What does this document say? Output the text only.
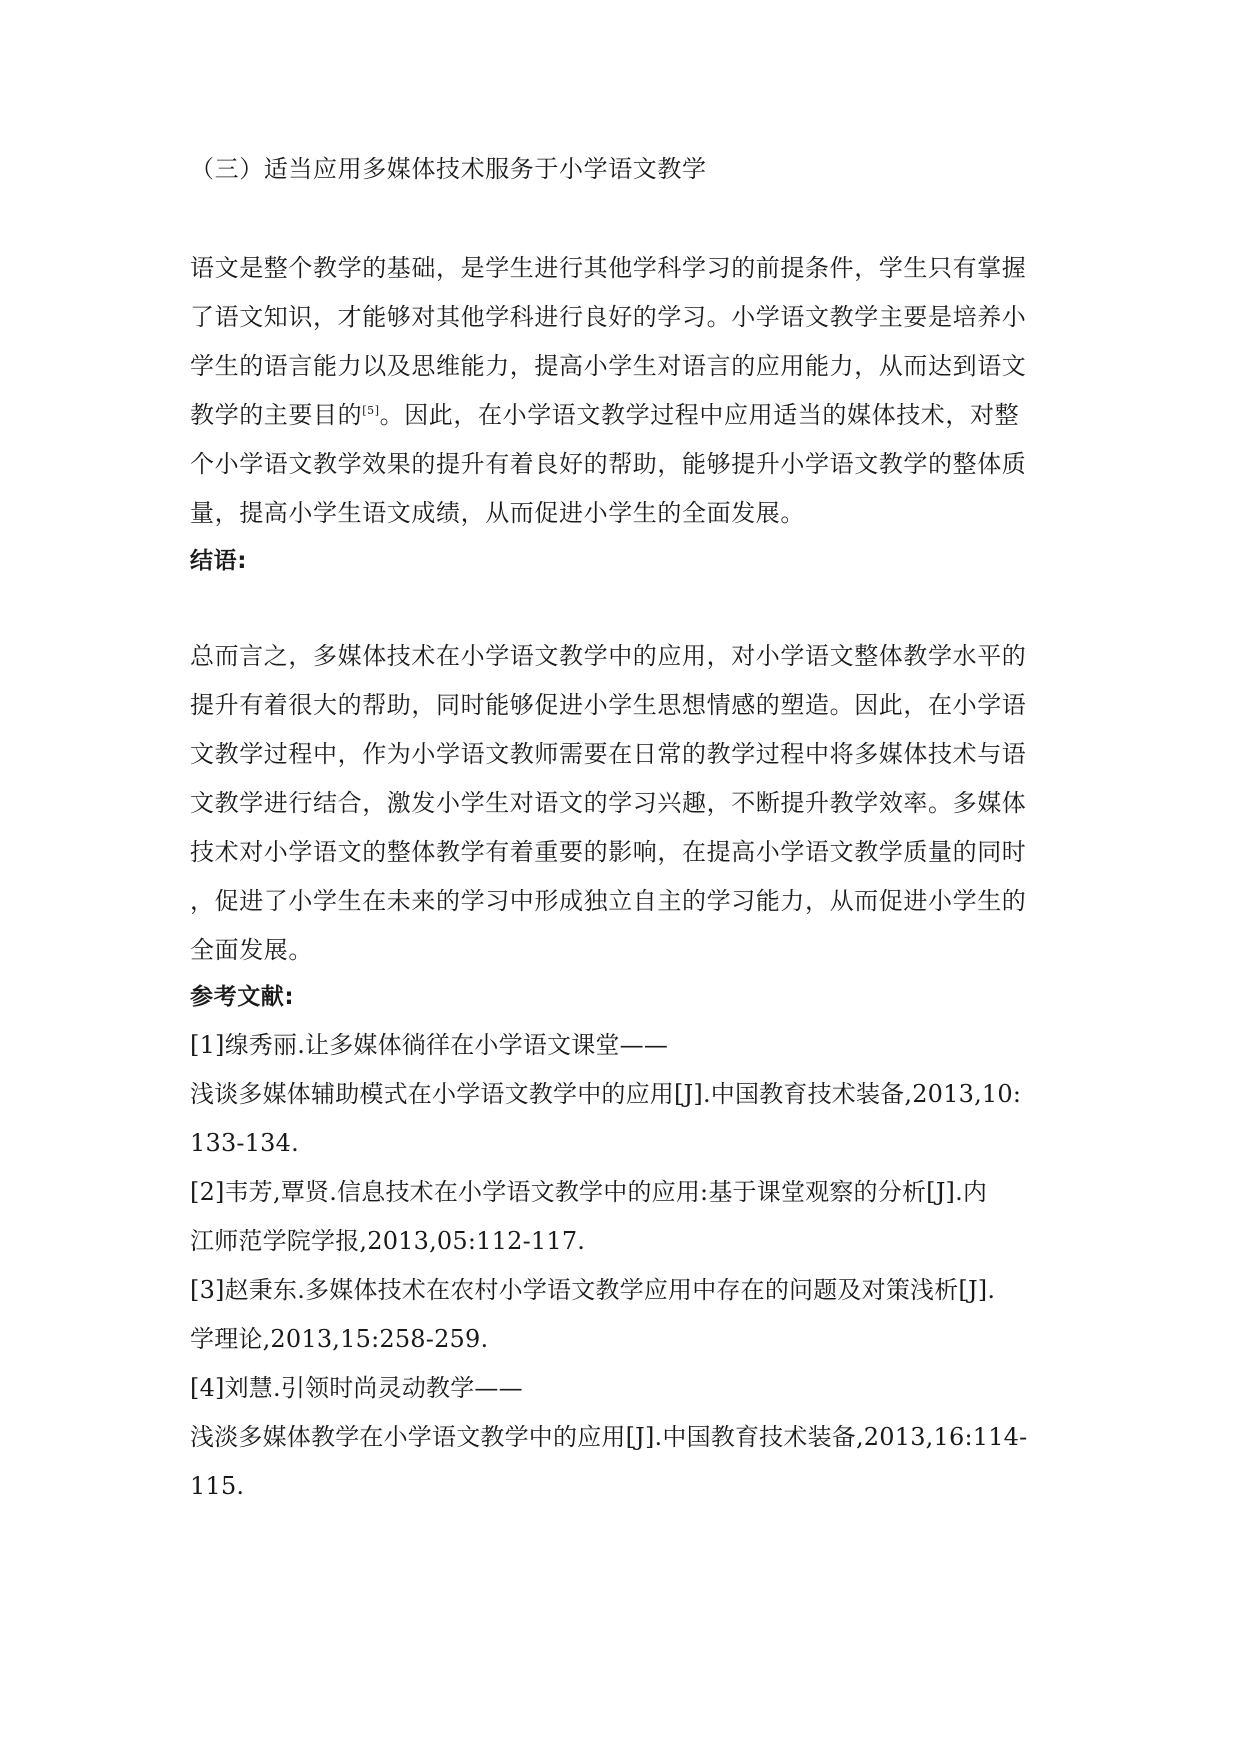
（三）适当应用多媒体技术服务于小学语文教学
语文是整个教学的基础，是学生进行其他学科学习的前提条件，学生只有掌握
了语文知识，才能够对其他学科进行良好的学习。小学语文教学主要是培养小
学生的语言能力以及思维能力，提高小学生对语言的应用能力，从而达到语文
教学的主要目的[5]。因此，在小学语文教学过程中应用适当的媒体技术，对整
个小学语文教学效果的提升有着良好的帮助，能够提升小学语文教学的整体质
量，提高小学生语文成绩，从而促进小学生的全面发展。
结语:
总而言之，多媒体技术在小学语文教学中的应用，对小学语文整体教学水平的
提升有着很大的帮助，同时能够促进小学生思想情感的塑造。因此，在小学语
文教学过程中，作为小学语文教师需要在日常的教学过程中将多媒体技术与语
文教学进行结合，激发小学生对语文的学习兴趣，不断提升教学效率。多媒体
技术对小学语文的整体教学有着重要的影响，在提高小学语文教学质量的同时
，促进了小学生在未来的学习中形成独立自主的学习能力，从而促进小学生的
全面发展。
参考文献:
[1]缐秀丽.让多媒体徜徉在小学语文课堂——
浅谈多媒体辅助模式在小学语文教学中的应用[J].中国教育技术装备,2013,10:
133-134.
[2]韦芳,覃贤.信息技术在小学语文教学中的应用:基于课堂观察的分析[J].内
江师范学院学报,2013,05:112-117.
[3]赵秉东.多媒体技术在农村小学语文教学应用中存在的问题及对策浅析[J].
学理论,2013,15:258-259.
[4]刘慧.引领时尚灵动教学——
浅淡多媒体教学在小学语文教学中的应用[J].中国教育技术装备,2013,16:114-
115.
